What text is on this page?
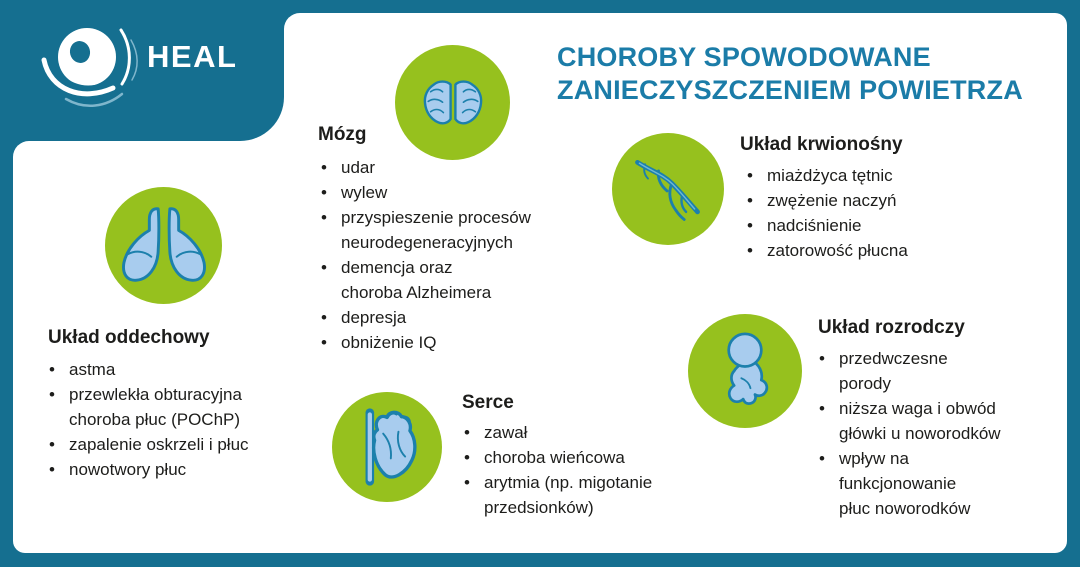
HEAL	CHOROBY SPOWODOWANE
ZANIECZYSZCZENIEM POWIETRZA
Mózg
• udar
• wylew
• przyspieszenie procesów
neurodegeneracyjnych
• demencja oraz
choroba Alzheimera
• depresja
• obniżenie IQ
Układ krwionośny
• miażdżyca tętnic
• zwężenie naczyń
• nadciśnienie
• zatorowość płucna
Układ oddechowy
• astma
• przewlekła obturacyjna
choroba płuc (POChP)
• zapalenie oskrzeli i płuc
• nowotwory płuc
Serce
• zawał
• choroba wieńcowa
• arytmia (np. migotanie
przedsionków)
Układ rozrodczy
• przedwczesne
porody
• niższa waga i obwód
główki u noworodków
• wpływ na
funkcjonowanie
płuc noworodków
